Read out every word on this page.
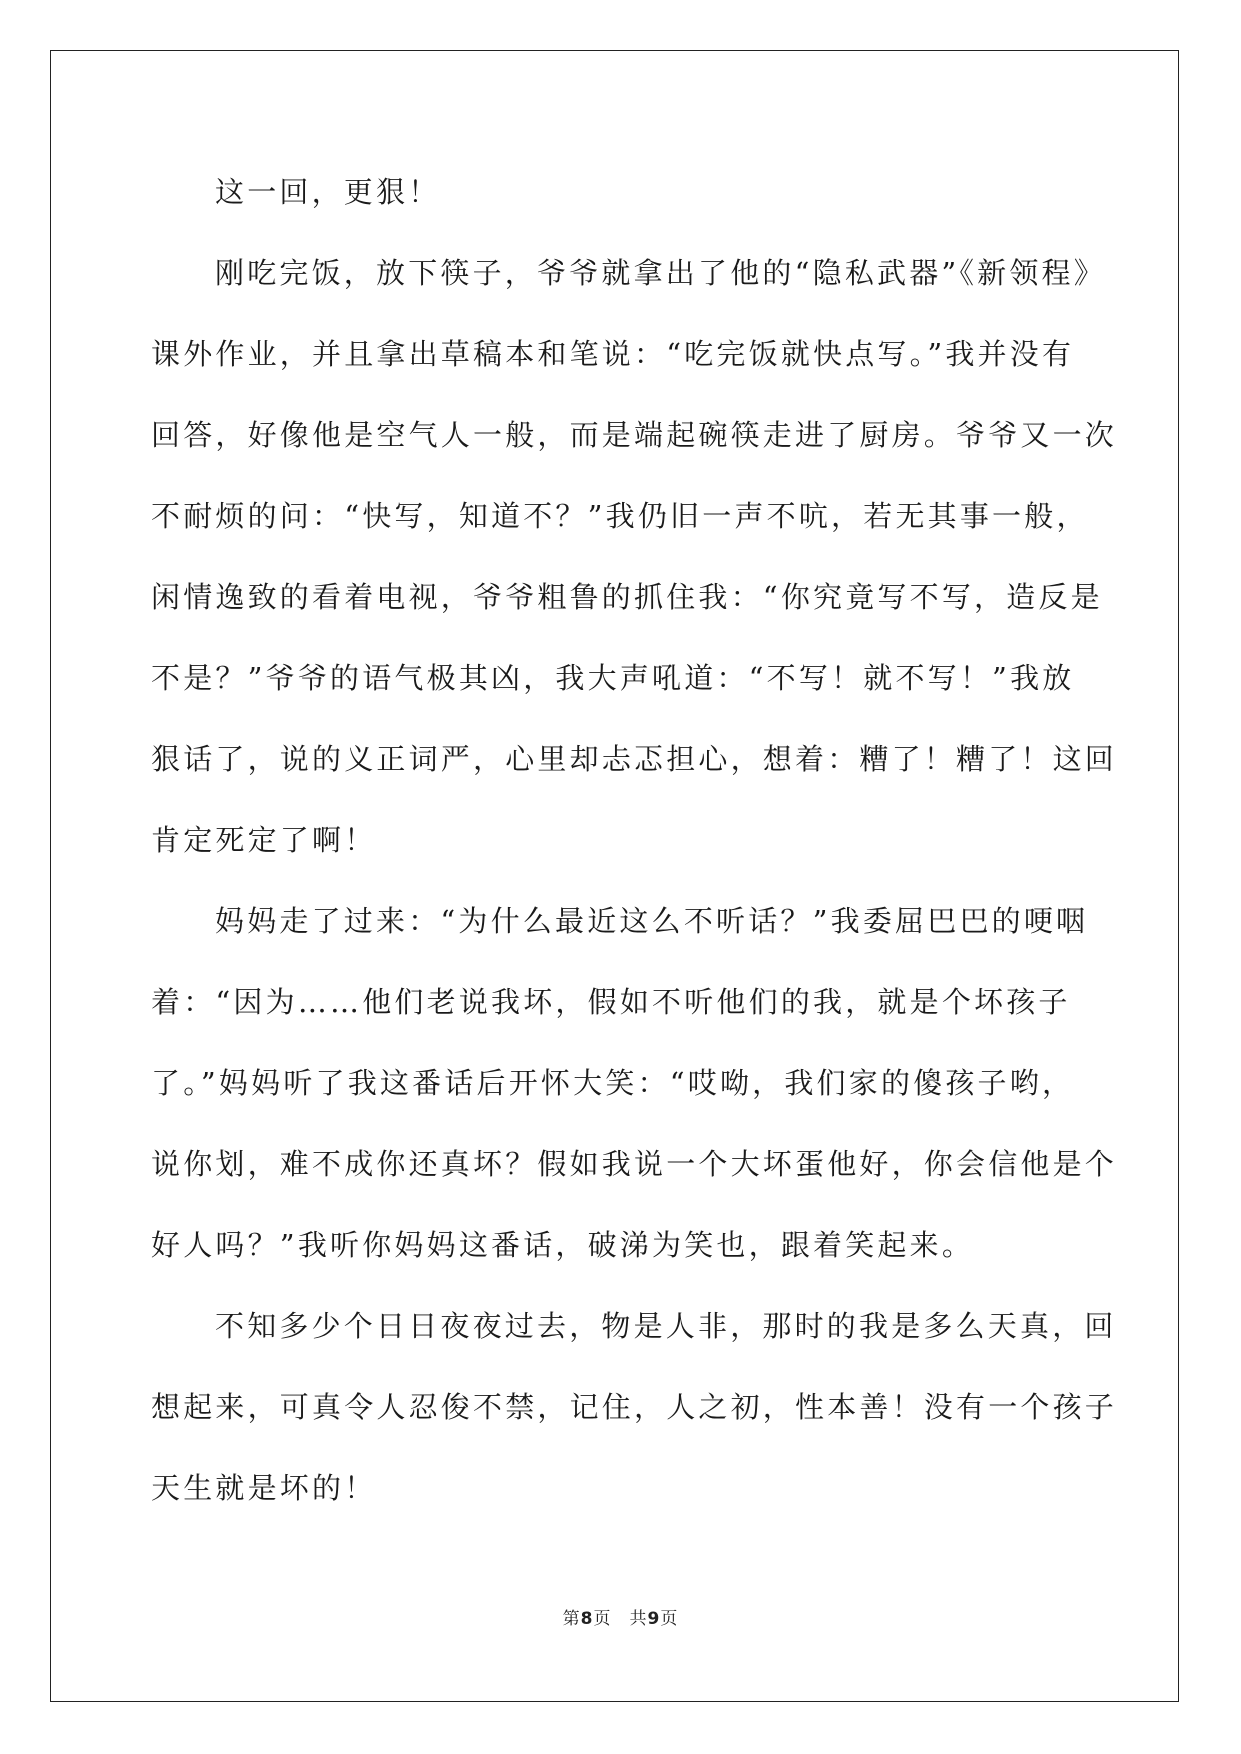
这一回，更狠！
刚吃完饭，放下筷子，爷爷就拿出了他的“隐私武器”《新领程》
课外作业，并且拿出草稿本和笔说：“吃完饭就快点写。”我并没有
回答，好像他是空气人一般，而是端起碗筷走进了厨房。爷爷又一次
不耐烦的问：“快写，知道不？”我仍旧一声不吭，若无其事一般，
闲情逸致的看着电视，爷爷粗鲁的抓住我：“你究竟写不写，造反是
不是？”爷爷的语气极其凶，我大声吼道：“不写！就不写！”我放
狠话了，说的义正词严，心里却忐忑担心，想着：糟了！糟了！这回
肯定死定了啊！
妈妈走了过来：“为什么最近这么不听话？”我委屈巴巴的哽咽
着：“因为……他们老说我坏，假如不听他们的我，就是个坏孩子
了。”妈妈听了我这番话后开怀大笑：“哎呦，我们家的傻孩子哟，
说你划，难不成你还真坏？假如我说一个大坏蛋他好，你会信他是个
好人吗？”我听你妈妈这番话，破涕为笑也，跟着笑起来。
不知多少个日日夜夜过去，物是人非，那时的我是多么天真，回
想起来，可真令人忍俊不禁，记住，人之初，性本善！没有一个孩子
天生就是坏的！
第8页 共9页
